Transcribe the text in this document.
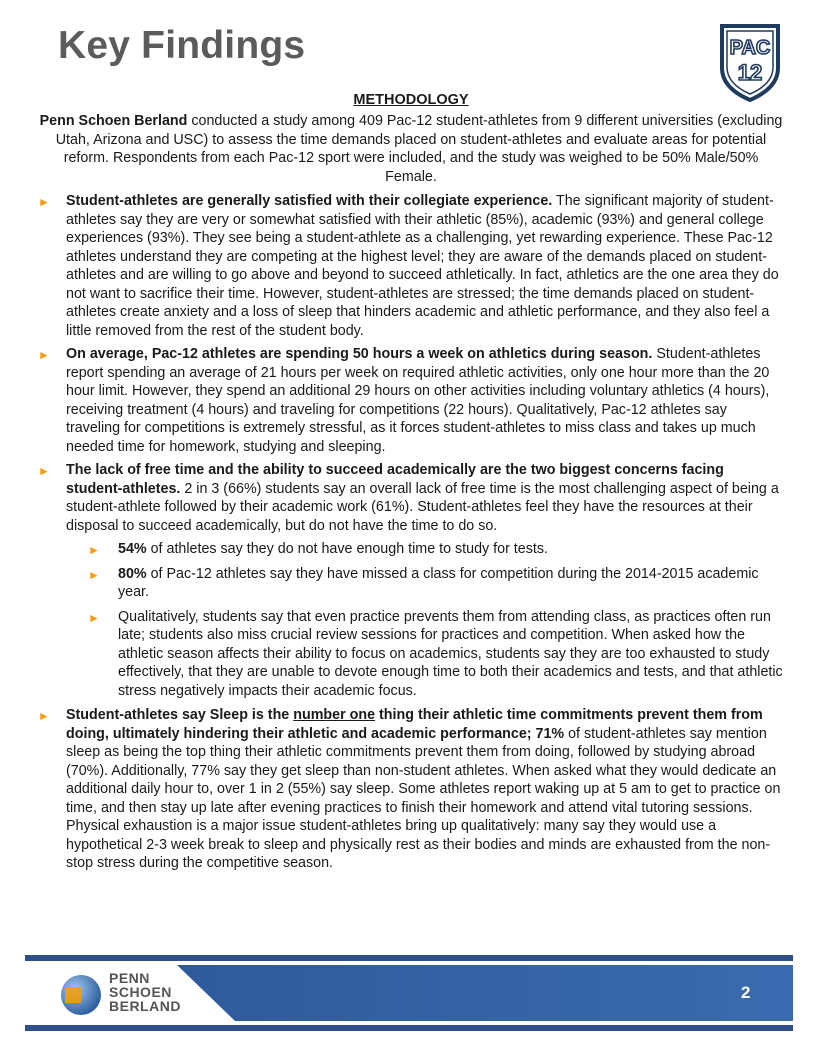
Key Findings	PAC
12

METHODOLOGY

Penn Schoen Berland conducted a study among 409 Pac-12 student-athletes from 9 different universities (excluding Utah, Arizona and USC) to assess the time demands placed on student-athletes and evaluate areas for potential reform. Respondents from each Pac-12 sport were included, and the study was weighed to be 50% Male/50% Female.

► Student-athletes are generally satisfied with their collegiate experience. The significant majority of student-athletes say they are very or somewhat satisfied with their athletic (85%), academic (93%) and general college experiences (93%). They see being a student-athlete as a challenging, yet rewarding experience. These Pac-12 athletes understand they are competing at the highest level; they are aware of the demands placed on student-athletes and are willing to go above and beyond to succeed athletically. In fact, athletics are the one area they do not want to sacrifice their time. However, student-athletes are stressed; the time demands placed on student-athletes create anxiety and a loss of sleep that hinders academic and athletic performance, and they also feel a little removed from the rest of the student body.
► On average, Pac-12 athletes are spending 50 hours a week on athletics during season. Student-athletes report spending an average of 21 hours per week on required athletic activities, only one hour more than the 20 hour limit. However, they spend an additional 29 hours on other activities including voluntary athletics (4 hours), receiving treatment (4 hours) and traveling for competitions (22 hours). Qualitatively, Pac-12 athletes say traveling for competitions is extremely stressful, as it forces student-athletes to miss class and takes up much needed time for homework, studying and sleeping.
► The lack of free time and the ability to succeed academically are the two biggest concerns facing student-athletes. 2 in 3 (66%) students say an overall lack of free time is the most challenging aspect of being a student-athlete followed by their academic work (61%). Student-athletes feel they have the resources at their disposal to succeed academically, but do not have the time to do so.
► 54% of athletes say they do not have enough time to study for tests.
► 80% of Pac-12 athletes say they have missed a class for competition during the 2014-2015 academic year.
► Qualitatively, students say that even practice prevents them from attending class, as practices often run late; students also miss crucial review sessions for practices and competition. When asked how the athletic season affects their ability to focus on academics, students say they are too exhausted to study effectively, that they are unable to devote enough time to both their academics and tests, and that athletic stress negatively impacts their academic focus.
► Student-athletes say Sleep is the number one thing their athletic time commitments prevent them from doing, ultimately hindering their athletic and academic performance; 71% of student-athletes say mention sleep as being the top thing their athletic commitments prevent them from doing, followed by studying abroad (70%). Additionally, 77% say they get sleep than non-student athletes. When asked what they would dedicate an additional daily hour to, over 1 in 2 (55%) say sleep. Some athletes report waking up at 5 am to get to practice on time, and then stay up late after evening practices to finish their homework and attend vital tutoring sessions. Physical exhaustion is a major issue student-athletes bring up qualitatively: many say they would use a hypothetical 2-3 week break to sleep and physically rest as their bodies and minds are exhausted from the non-stop stress during the competitive season.
PENN
SCHOEN
BERLAND
2
